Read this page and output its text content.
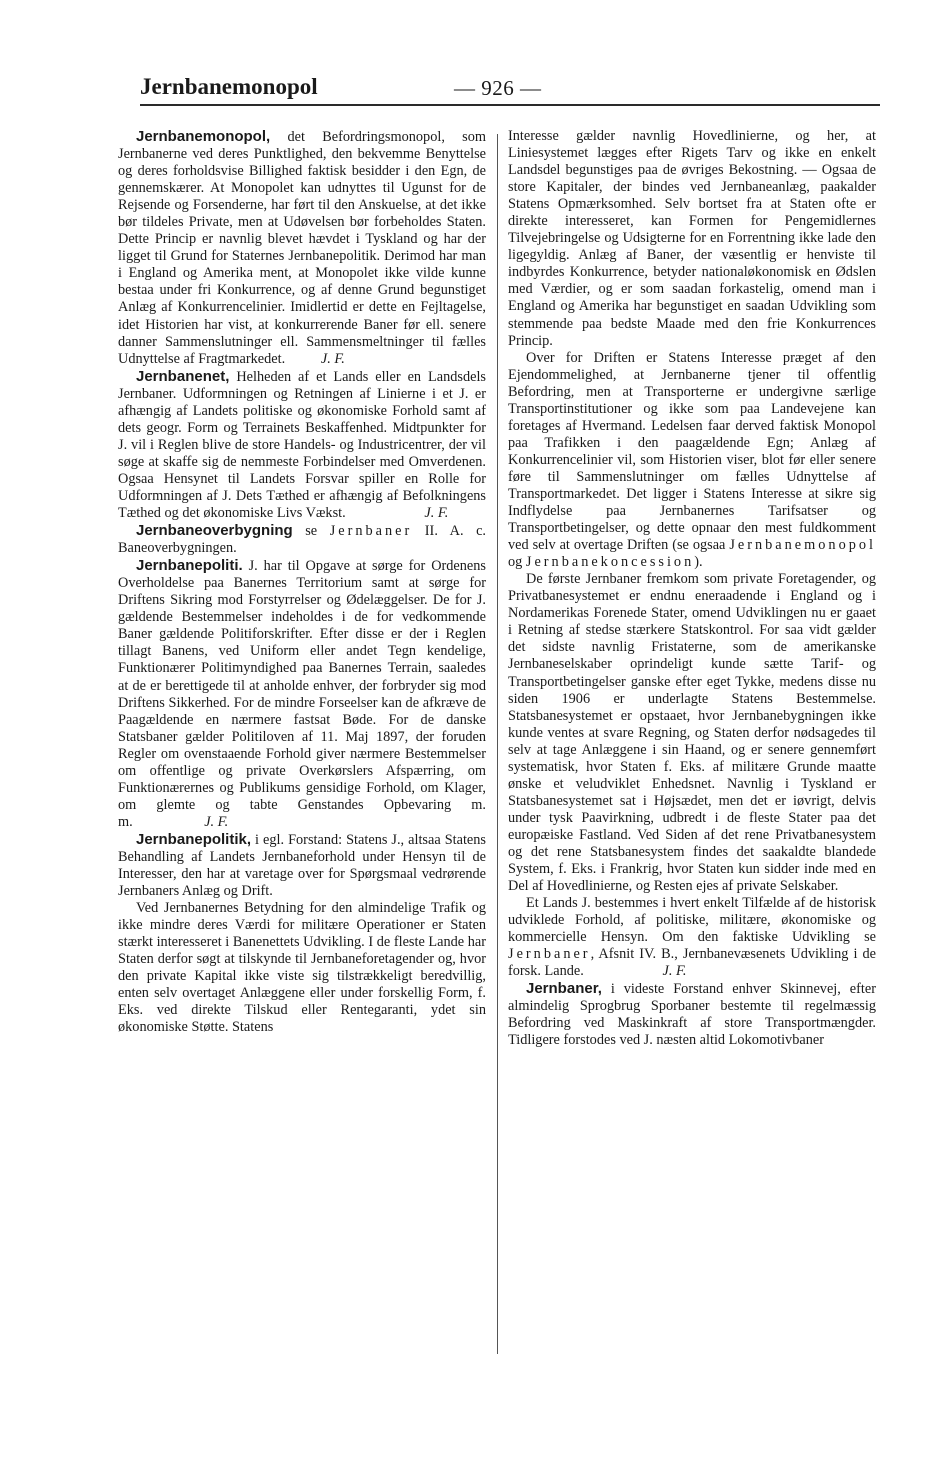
Jernbanemonopol	— 926 —

Jernbanemonopol, det Befordringsmonopol, som Jernbanerne ved deres Punktlighed, den bekvemme Benyttelse og deres forholdsvise Billighed faktisk besidder i den Egn, de gennemskærer. At Monopolet kan udnyttes til Ugunst for de Rejsende og Forsenderne, har ført til den Anskuelse, at det ikke bør tildeles Private, men at Udøvelsen bør forbeholdes Staten. Dette Princip er navnlig blevet hævdet i Tyskland og har der ligget til Grund for Staternes Jernbanepolitik. Derimod har man i England og Amerika ment, at Monopolet ikke vilde kunne bestaa under fri Konkurrence, og af denne Grund begunstiget Anlæg af Konkurrencelinier. Imidlertid er dette en Fejltagelse, idet Historien har vist, at konkurrerende Baner før ell. senere danner Sammenslutninger ell. Sammensmeltninger til fælles Udnyttelse af Fragtmarkedet.	J. F.

Jernbanenet, Helheden af et Lands eller en Landsdels Jernbaner. Udformningen og Retningen af Linierne i et J. er afhængig af Landets politiske og økonomiske Forhold samt af dets geogr. Form og Terrainets Beskaffenhed. Midtpunkter for J. vil i Reglen blive de store Handels- og Industricentrer, der vil søge at skaffe sig de nemmeste Forbindelser med Omverdenen. Ogsaa Hensynet til Landets Forsvar spiller en Rolle for Udformningen af J. Dets Tæthed er afhængig af Befolkningens Tæthed og det økonomiske Livs Vækst.	J. F.

Jernbaneoverbygning se Jernbaner II. A. c. Baneoverbygningen.

Jernbanepoliti. J. har til Opgave at sørge for Ordenens Overholdelse paa Banernes Territorium samt at sørge for Driftens Sikring mod Forstyrrelser og Ødelæggelser. De for J. gældende Bestemmelser indeholdes i de for vedkommende Baner gældende Politiforskrifter. Efter disse er der i Reglen tillagt Banens, ved Uniform eller andet Tegn kendelige, Funktionærer Politimyndighed paa Banernes Terrain, saaledes at de er berettigede til at anholde enhver, der forbryder sig mod Driftens Sikkerhed. For de mindre Forseelser kan de afkræve de Paagældende en nærmere fastsat Bøde. For de danske Statsbaner gælder Politiloven af 11. Maj 1897, der foruden Regler om ovenstaaende Forhold giver nærmere Bestemmelser om offentlige og private Overkørslers Afspærring, om Funktionærernes og Publikums gensidige Forhold, om Klager, om glemte og tabte Genstandes Opbevaring m. m.	J. F.

Jernbanepolitik, i egl. Forstand: Statens J., altsaa Statens Behandling af Landets Jernbaneforhold under Hensyn til de Interesser, den har at varetage over for Spørgsmaal vedrørende Jernbaners Anlæg og Drift.

Ved Jernbanernes Betydning for den almindelige Trafik og ikke mindre deres Værdi for militære Operationer er Staten stærkt interesseret i Banenettets Udvikling. I de fleste Lande har Staten derfor søgt at tilskynde til Jernbaneforetagender og, hvor den private Kapital ikke viste sig tilstrækkeligt beredvillig, enten selv overtaget Anlæggene eller under forskellig Form, f. Eks. ved direkte Tilskud eller Rentegaranti, ydet sin økonomiske Støtte. Statens

Interesse gælder navnlig Hovedlinierne, og her, at Liniesystemet lægges efter Rigets Tarv og ikke en enkelt Landsdel begunstiges paa de øvriges Bekostning. — Ogsaa de store Kapitaler, der bindes ved Jernbaneanlæg, paakalder Statens Opmærksomhed. Selv bortset fra at Staten ofte er direkte interesseret, kan Formen for Pengemidlernes Tilvejebringelse og Udsigterne for en Forrentning ikke lade den ligegyldig. Anlæg af Baner, der væsentlig er henviste til indbyrdes Konkurrence, betyder nationaløkonomisk en Ødslen med Værdier, og er som saadan forkastelig, omend man i England og Amerika har begunstiget en saadan Udvikling som stemmende paa bedste Maade med den frie Konkurrences Princip.

Over for Driften er Statens Interesse præget af den Ejendommelighed, at Jernbanerne tjener til offentlig Befordring, men at Transporterne er undergivne særlige Transportinstitutioner og ikke som paa Landevejene kan foretages af Hvermand. Ledelsen faar derved faktisk Monopol paa Trafikken i den paagældende Egn; Anlæg af Konkurrencelinier vil, som Historien viser, blot før eller senere føre til Sammenslutninger om fælles Udnyttelse af Transportmarkedet. Det ligger i Statens Interesse at sikre sig Indflydelse paa Jernbanernes Tarifsatser og Transportbetingelser, og dette opnaar den mest fuldkomment ved selv at overtage Driften (se ogsaa Jernbanemonopol og Jernbanekoncession).

De første Jernbaner fremkom som private Foretagender, og Privatbanesystemet er endnu eneraadende i England og i Nordamerikas Forenede Stater, omend Udviklingen nu er gaaet i Retning af stedse stærkere Statskontrol. For saa vidt gælder det sidste navnlig Fristaterne, som de amerikanske Jernbaneselskaber oprindeligt kunde sætte Tarif- og Transportbetingelser ganske efter eget Tykke, medens disse nu siden 1906 er underlagte Statens Bestemmelse. Statsbanesystemet er opstaaet, hvor Jernbanebygningen ikke kunde ventes at svare Regning, og Staten derfor nødsagedes til selv at tage Anlæggene i sin Haand, og er senere gennemført systematisk, hvor Staten f. Eks. af militære Grunde maatte ønske et veludviklet Enhedsnet. Navnlig i Tyskland er Statsbanesystemet sat i Højsædet, men det er iøvrigt, delvis under tysk Paavirkning, udbredt i de fleste Stater paa det europæiske Fastland. Ved Siden af det rene Privatbanesystem og det rene Statsbanesystem findes det saakaldte blandede System, f. Eks. i Frankrig, hvor Staten kun sidder inde med en Del af Hovedlinierne, og Resten ejes af private Selskaber.

Et Lands J. bestemmes i hvert enkelt Tilfælde af de historisk udviklede Forhold, af politiske, militære, økonomiske og kommercielle Hensyn. Om den faktiske Udvikling se Jernbaner, Afsnit IV. B., Jernbanevæsenets Udvikling i de forsk. Lande.	J. F.

Jernbaner, i videste Forstand enhver Skinnevej, efter almindelig Sprogbrug Sporbaner bestemte til regelmæssig Befordring ved Maskinkraft af store Transportmængder. Tidligere forstodes ved J. næsten altid Lokomotivbaner
